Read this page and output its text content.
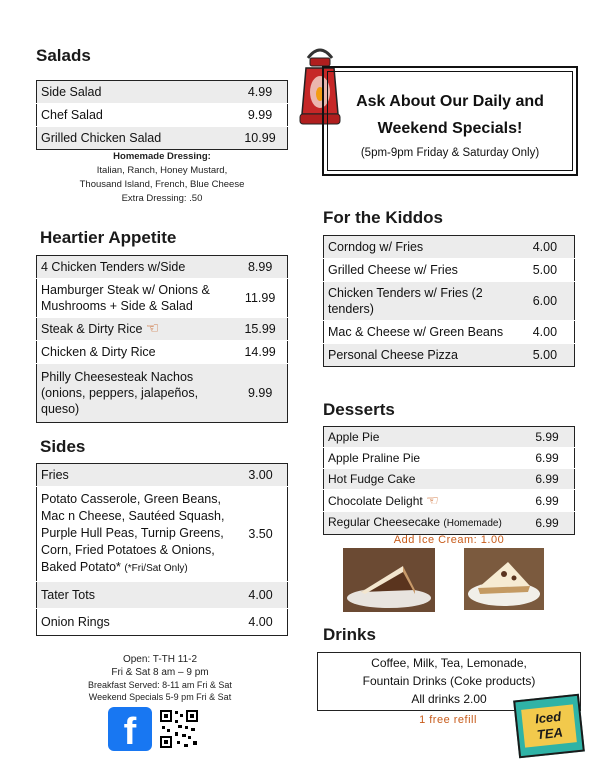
Salads
Side Salad	4.99
Chef Salad	9.99
Grilled Chicken Salad	10.99
Homemade Dressing:
Italian, Ranch, Honey Mustard,
Thousand Island, French, Blue Cheese
Extra Dressing: .50
Ask About Our Daily and
Weekend Specials!
(5pm-9pm Friday & Saturday Only)
For the Kiddos
Corndog w/ Fries	4.00
Grilled Cheese w/ Fries	5.00
Chicken Tenders w/ Fries (2 tenders)	6.00
Mac & Cheese w/ Green Beans	4.00
Personal Cheese Pizza	5.00
Heartier Appetite
4 Chicken Tenders w/Side	8.99
Hamburger Steak w/ Onions & Mushrooms + Side & Salad	11.99
Steak & Dirty Rice ☜	15.99
Chicken & Dirty Rice	14.99
Philly Cheesesteak Nachos (onions, peppers, jalapeños, queso)	9.99
Desserts
Apple Pie	5.99
Apple Praline Pie	6.99
Hot Fudge Cake	6.99
Chocolate Delight ☜	6.99
Regular Cheesecake (Homemade)	6.99
Add Ice Cream: 1.00
Sides
Fries	3.00
Potato Casserole, Green Beans, Mac n Cheese, Sautéed Squash, Purple Hull Peas, Turnip Greens, Corn, Fried Potatoes & Onions, Baked Potato* (*Fri/Sat Only)	3.50
Tater Tots	4.00
Onion Rings	4.00
Drinks
Coffee, Milk, Tea, Lemonade,
Fountain Drinks (Coke products)
All drinks 2.00
1 free refill	Iced TEA
Open: T-TH 11-2
Fri & Sat 8 am – 9 pm
Breakfast Served: 8-11 am Fri & Sat
Weekend Specials 5-9 pm Fri & Sat
f
